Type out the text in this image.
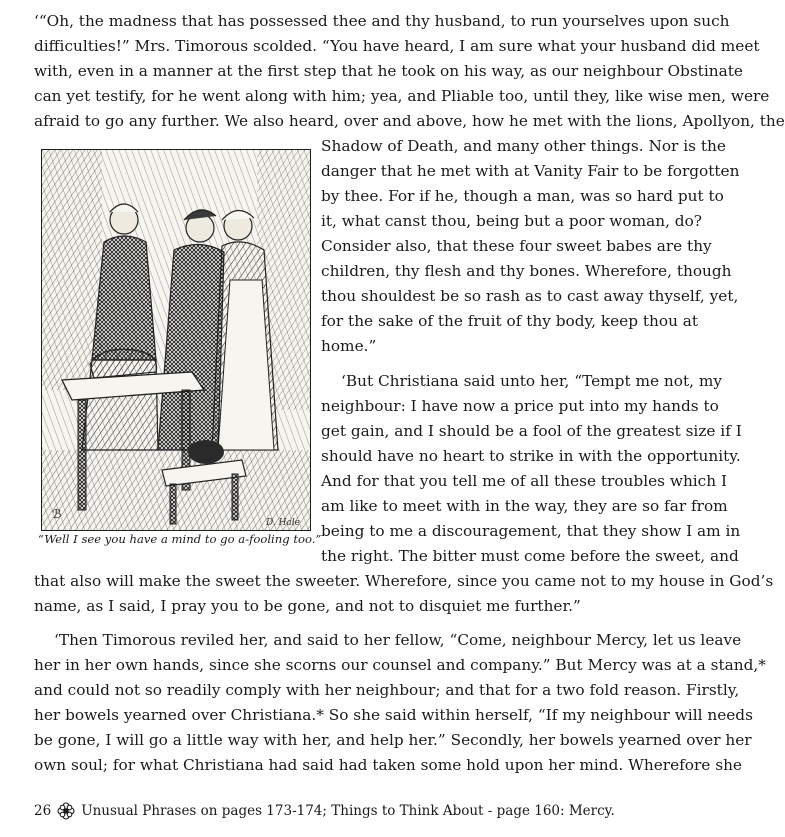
‘“Oh, the madness that has possessed thee and thy husband, to run yourselves upon such
difficulties!” Mrs. Timorous scolded. “You have heard, I am sure what your husband did meet
with, even in a manner at the first step that he took on his way, as our neighbour Obstinate
can yet testify, for he went along with him; yea, and Pliable too, until they, like wise men, were
afraid to go any further. We also heard, over and above, how he met with the lions, Apollyon, the
Shadow of Death, and many other things. Nor is the
danger that he met with at Vanity Fair to be forgotten
by thee. For if he, though a man, was so hard put to
it, what canst thou, being but a poor woman, do?
Consider also, that these four sweet babes are thy
children, thy flesh and thy bones. Wherefore, though
thou shouldest be so rash as to cast away thyself, yet,
for the sake of the fruit of thy body, keep thou at
home.”
‘But Christiana said unto her, “Tempt me not, my
neighbour: I have now a price put into my hands to
get gain, and I should be a fool of the greatest size if I
should have no heart to strike in with the opportunity.
And for that you tell me of all these troubles which I
am like to meet with in the way, they are so far from
being to me a discouragement, that they show I am in
the right. The bitter must come before the sweet, and
that also will make the sweet the sweeter. Wherefore, since you came not to my house in God’s
name, as I said, I pray you to be gone, and not to disquiet me further.”
‘Then Timorous reviled her, and said to her fellow, “Come, neighbour Mercy, let us leave
her in her own hands, since she scorns our counsel and company.” But Mercy was at a stand,*
and could not so readily comply with her neighbour; and that for a two fold reason. Firstly,
her bowels yearned over Christiana.* So she said within herself, “If my neighbour will needs
be gone, I will go a little way with her, and help her.” Secondly, her bowels yearned over her
own soul; for what Christiana had said had taken some hold upon her mind. Wherefore she
ℬ
D. Hale
“Well I see you have a mind to go a-fooling too.”
26 Unusual Phrases on pages 173-174; Things to Think About - page 160: Mercy.
